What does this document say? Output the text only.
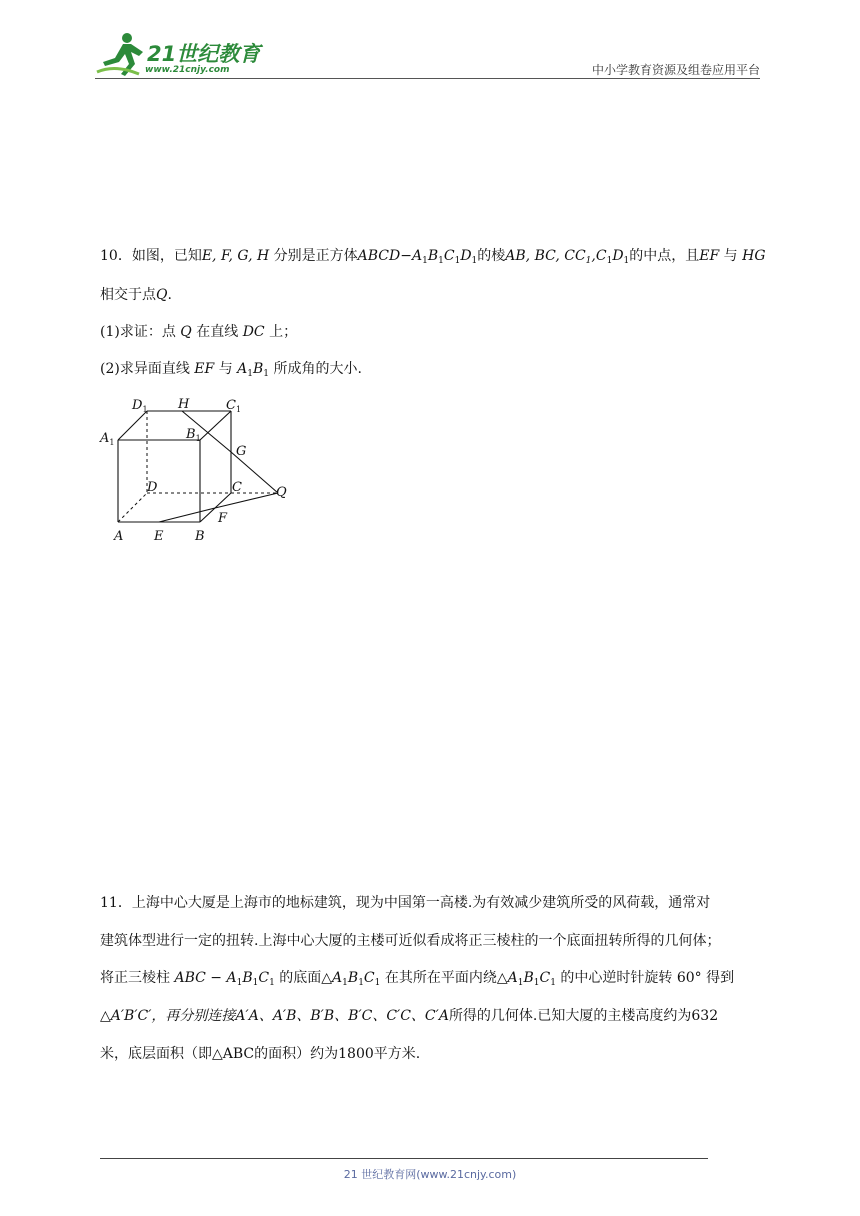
21世纪教育
www.21cnjy.com	中小学教育资源及组卷应用平台
10．如图，已知E, F, G, H 分别是正方体$ABCD-A_1B_1C_1D_1$的棱AB, BC, $CC_1,C_1D_1$的中点，且EF 与 HG
相交于点Q.
(1)求证：点 Q 在直线 DC 上；
(2)求异面直线 EF 与 $A_1B_1$ 所成角的大小.
$D_1$ H	$C_1$
$A_1$
$B_1$
G
D	C	Q
F
A E B
11．上海中心大厦是上海市的地标建筑，现为中国第一高楼.为有效减少建筑所受的风荷载，通常对
建筑体型进行一定的扭转.上海中心大厦的主楼可近似看成将正三棱柱的一个底面扭转所得的几何体；
将正三棱柱 ABC − $A_1B_1C_1$ 的底面$\triangle A_1B_1C_1$ 在其所在平面内绕$\triangle A_1B_1C_1$ 的中心逆时针旋转 60° 得到
△A′B′C′，再分别连接A′A、A′B、B′B、B′C、C′C、C′A所得的几何体.已知大厦的主楼高度约为632
米，底层面积（即△ABC的面积）约为1800平方米.
21 世纪教育网(www.21cnjy.com)
